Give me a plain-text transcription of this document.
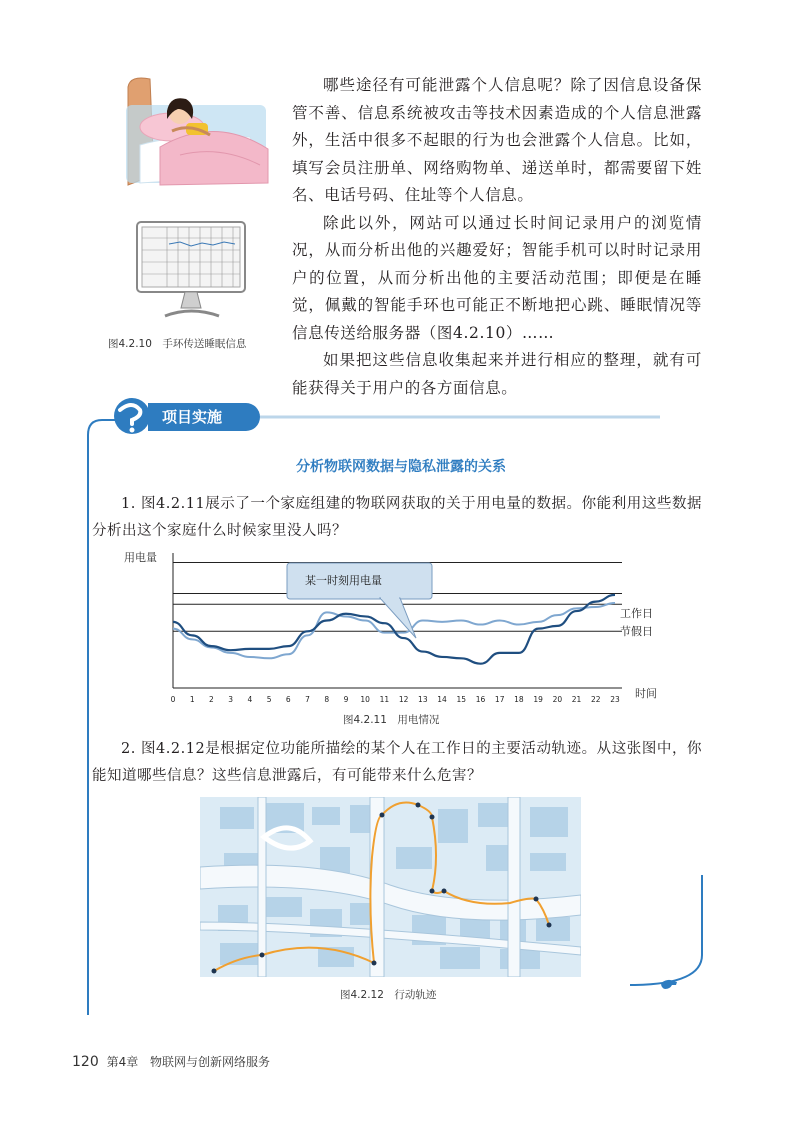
图4.2.10　手环传送睡眠信息

哪些途径有可能泄露个人信息呢？除了因信息设备保管不善、信息系统被攻击等技术因素造成的个人信息泄露外，生活中很多不起眼的行为也会泄露个人信息。比如，填写会员注册单、网络购物单、递送单时，都需要留下姓名、电话号码、住址等个人信息。

除此以外，网站可以通过长时间记录用户的浏览情况，从而分析出他的兴趣爱好；智能手机可以时时记录用户的位置，从而分析出他的主要活动范围；即便是在睡觉，佩戴的智能手环也可能正不断地把心跳、睡眠情况等信息传送给服务器（图4.2.10）……

如果把这些信息收集起来并进行相应的整理，就有可能获得关于用户的各方面信息。

项目实施
分析物联网数据与隐私泄露的关系

1. 图4.2.11展示了一个家庭组建的物联网获取的关于用电量的数据。你能利用这些数据分析出这个家庭什么时候家里没人吗？

用电量
时间
0 1 2 3 4 5 6 7 8 9 10 11 12 13 14 15 16 17 18 19 20 21 22 23
某一时刻用电量
工作日
节假日
图4.2.11　用电情况

2. 图4.2.12是根据定位功能所描绘的某个人在工作日的主要活动轨迹。从这张图中，你能知道哪些信息？这些信息泄露后，有可能带来什么危害？

图4.2.12　行动轨迹
120 第4章 物联网与创新网络服务
